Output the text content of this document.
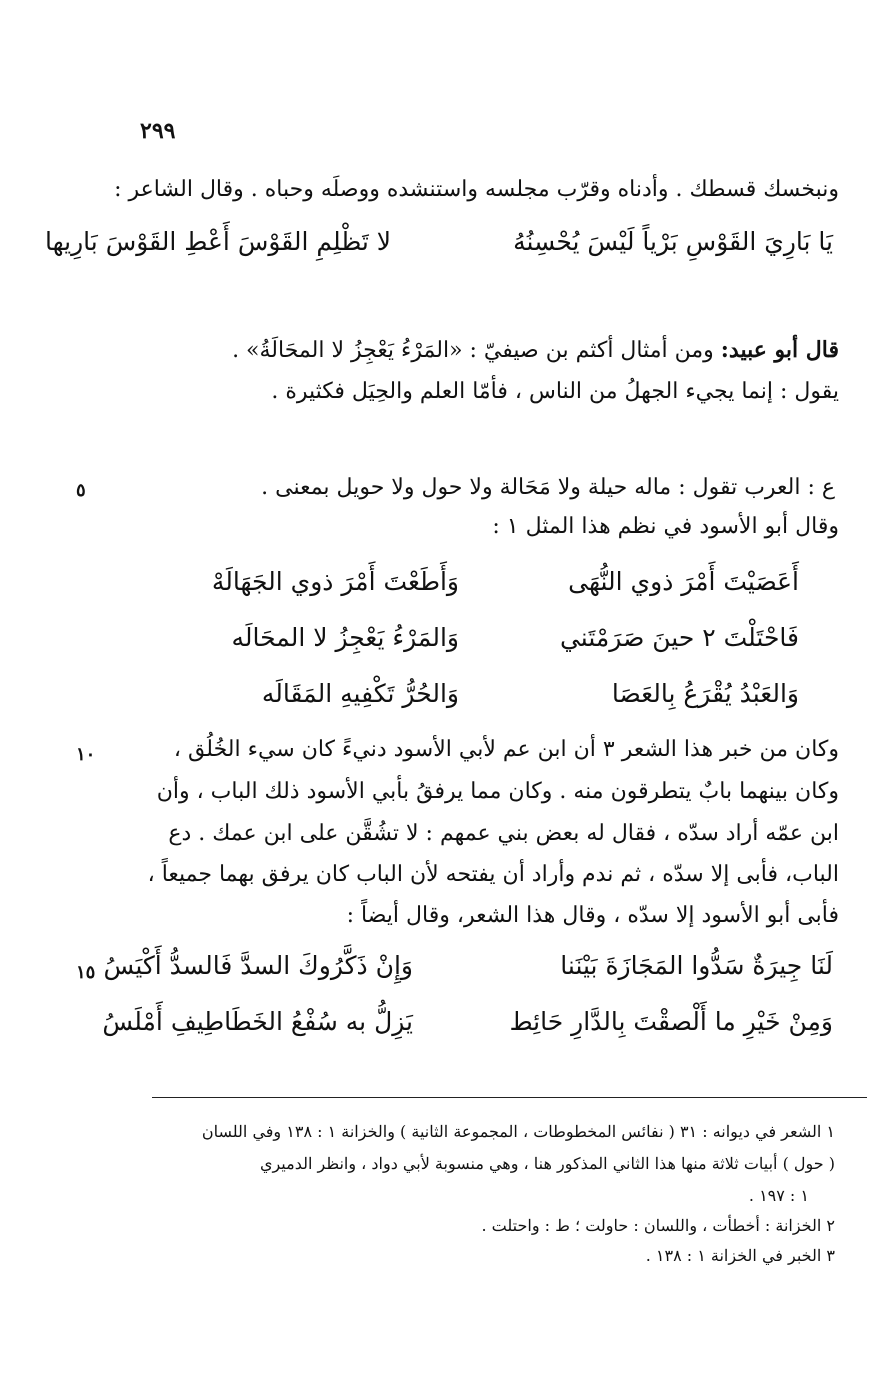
٢٩٩
ونبخسك قسطك . وأدناه وقرّب مجلسه واستنشده ووصلَه وحباه . وقال الشاعر :
يَا بَارِيَ القَوْسِ بَرْياً لَيْسَ يُحْسِنُهُ
لا تَظْلِمِ القَوْسَ أَعْطِ القَوْسَ بَارِيها
قال أبو عبيد: ومن أمثال أكثم بن صيفيّ : «المَرْءُ يَعْجِزُ لا المحَالَةُ» .
يقول : إنما يجيء الجهلُ من الناس ، فأمّا العلم والحِيَل فكثيرة .
ع : العرب تقول : ماله حيلة ولا مَحَالة ولا حول ولا حويل بمعنى .
٥
وقال أبو الأسود في نظم هذا المثل ١ :
أَعَصَيْتَ أَمْرَ ذوي النُّهَى
وَأَطَعْتَ أَمْرَ ذوي الجَهَالَهْ
فَاحْتَلْتَ ٢ حينَ صَرَمْتَني
وَالمَرْءُ يَعْجِزُ لا المحَالَه
وَالعَبْدُ يُقْرَعُ بِالعَصَا
وَالحُرُّ تَكْفِيهِ المَقَالَه
وكان من خبر هذا الشعر ٣ أن ابن عم لأبي الأسود دنيءً كان سيء الخُلُق ،
١٠
وكان بينهما بابٌ يتطرقون منه . وكان مما يرفقُ بأبي الأسود ذلك الباب ، وأن
ابن عمّه أراد سدّه ، فقال له بعض بني عمهم : لا تشُقَّن على ابن عمك . دع
الباب، فأبى إلا سدّه ، ثم ندم وأراد أن يفتحه لأن الباب كان يرفق بهما جميعاً ،
فأبى أبو الأسود إلا سدّه ، وقال هذا الشعر، وقال أيضاً :
لَنَا جِيرَةٌ سَدُّوا المَجَازَةَ بَيْنَنا
وَإِنْ ذَكَّرُوكَ السدَّ فَالسدُّ أَكْيَسُ
١٥
وَمِنْ خَيْرِ ما أَلْصقْتَ بِالدَّارِ حَائِط
يَزِلُّ به سُفْعُ الخَطَاطِيفِ أَمْلَسُ
١ الشعر في ديوانه : ٣١ ( نفائس المخطوطات ، المجموعة الثانية ) والخزانة ١ : ١٣٨ وفي اللسان
( حول ) أبيات ثلاثة منها هذا الثاني المذكور هنا ، وهي منسوبة لأبي دواد ، وانظر الدميري
١ : ١٩٧ .
٢ الخزانة : أخطأت ، واللسان : حاولت ؛ ط : واحتلت .
٣ الخبر في الخزانة ١ : ١٣٨ .
